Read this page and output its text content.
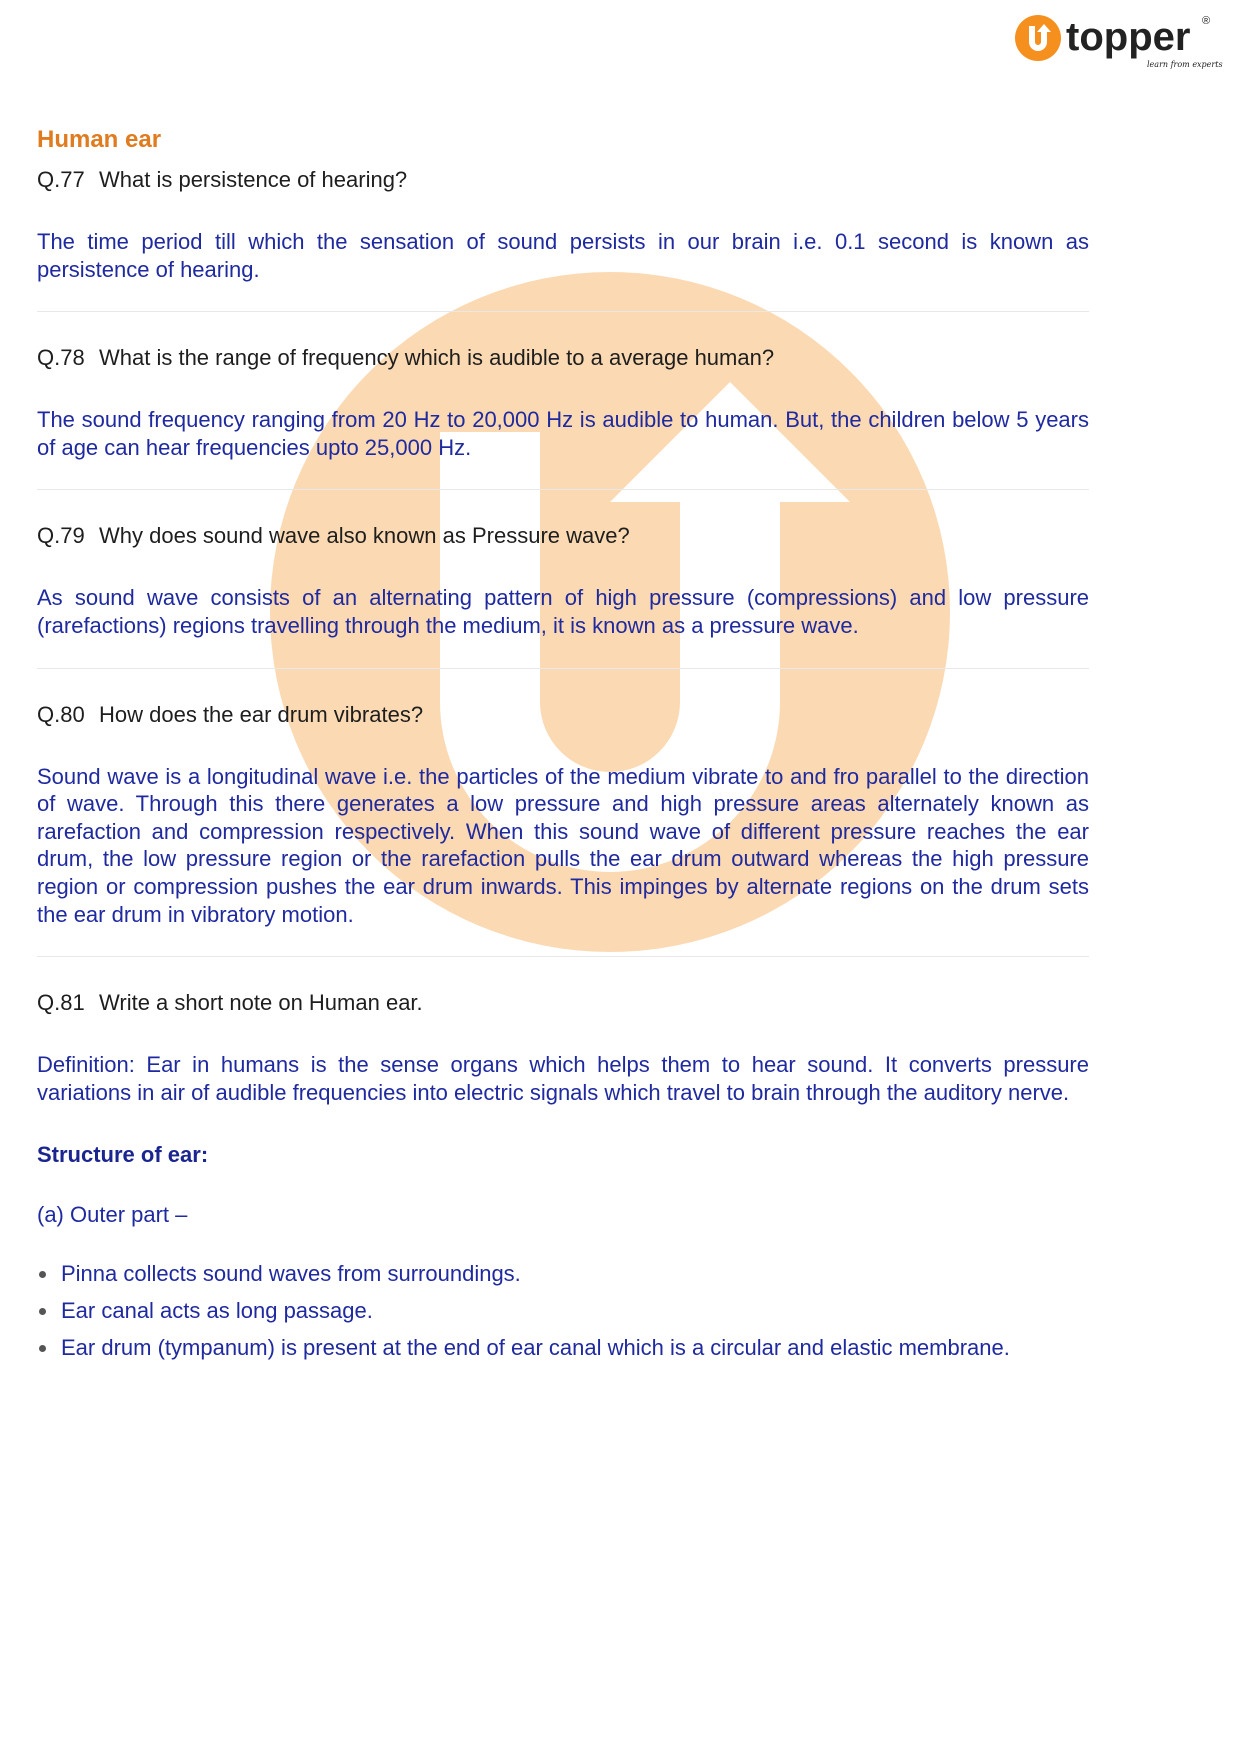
topper
learn from experts
®
Human ear
Q.77 What is persistence of hearing?

The time period till which the sensation of sound persists in our brain i.e. 0.1 second is known as persistence of hearing.

Q.78 What is the range of frequency which is audible to a average human?

The sound frequency ranging from 20 Hz to 20,000 Hz is audible to human. But, the children below 5 years of age can hear frequencies upto 25,000 Hz.

Q.79 Why does sound wave also known as Pressure wave?

As sound wave consists of an alternating pattern of high pressure (compressions) and low pressure (rarefactions) regions travelling through the medium, it is known as a pressure wave.

Q.80 How does the ear drum vibrates?

Sound wave is a longitudinal wave i.e. the particles of the medium vibrate to and fro parallel to the direction of wave. Through this there generates a low pressure and high pressure areas alternately known as rarefaction and compression respectively. When this sound wave of different pressure reaches the ear drum, the low pressure region or the rarefaction pulls the ear drum outward whereas the high pressure region or compression pushes the ear drum inwards. This impinges by alternate regions on the drum sets the ear drum in vibratory motion.

Q.81 Write a short note on Human ear.

Definition: Ear in humans is the sense organs which helps them to hear sound. It converts pressure variations in air of audible frequencies into electric signals which travel to brain through the auditory nerve.

Structure of ear:
(a) Outer part –
Pinna collects sound waves from surroundings.
Ear canal acts as long passage.
Ear drum (tympanum) is present at the end of ear canal which is a circular and elastic membrane.
